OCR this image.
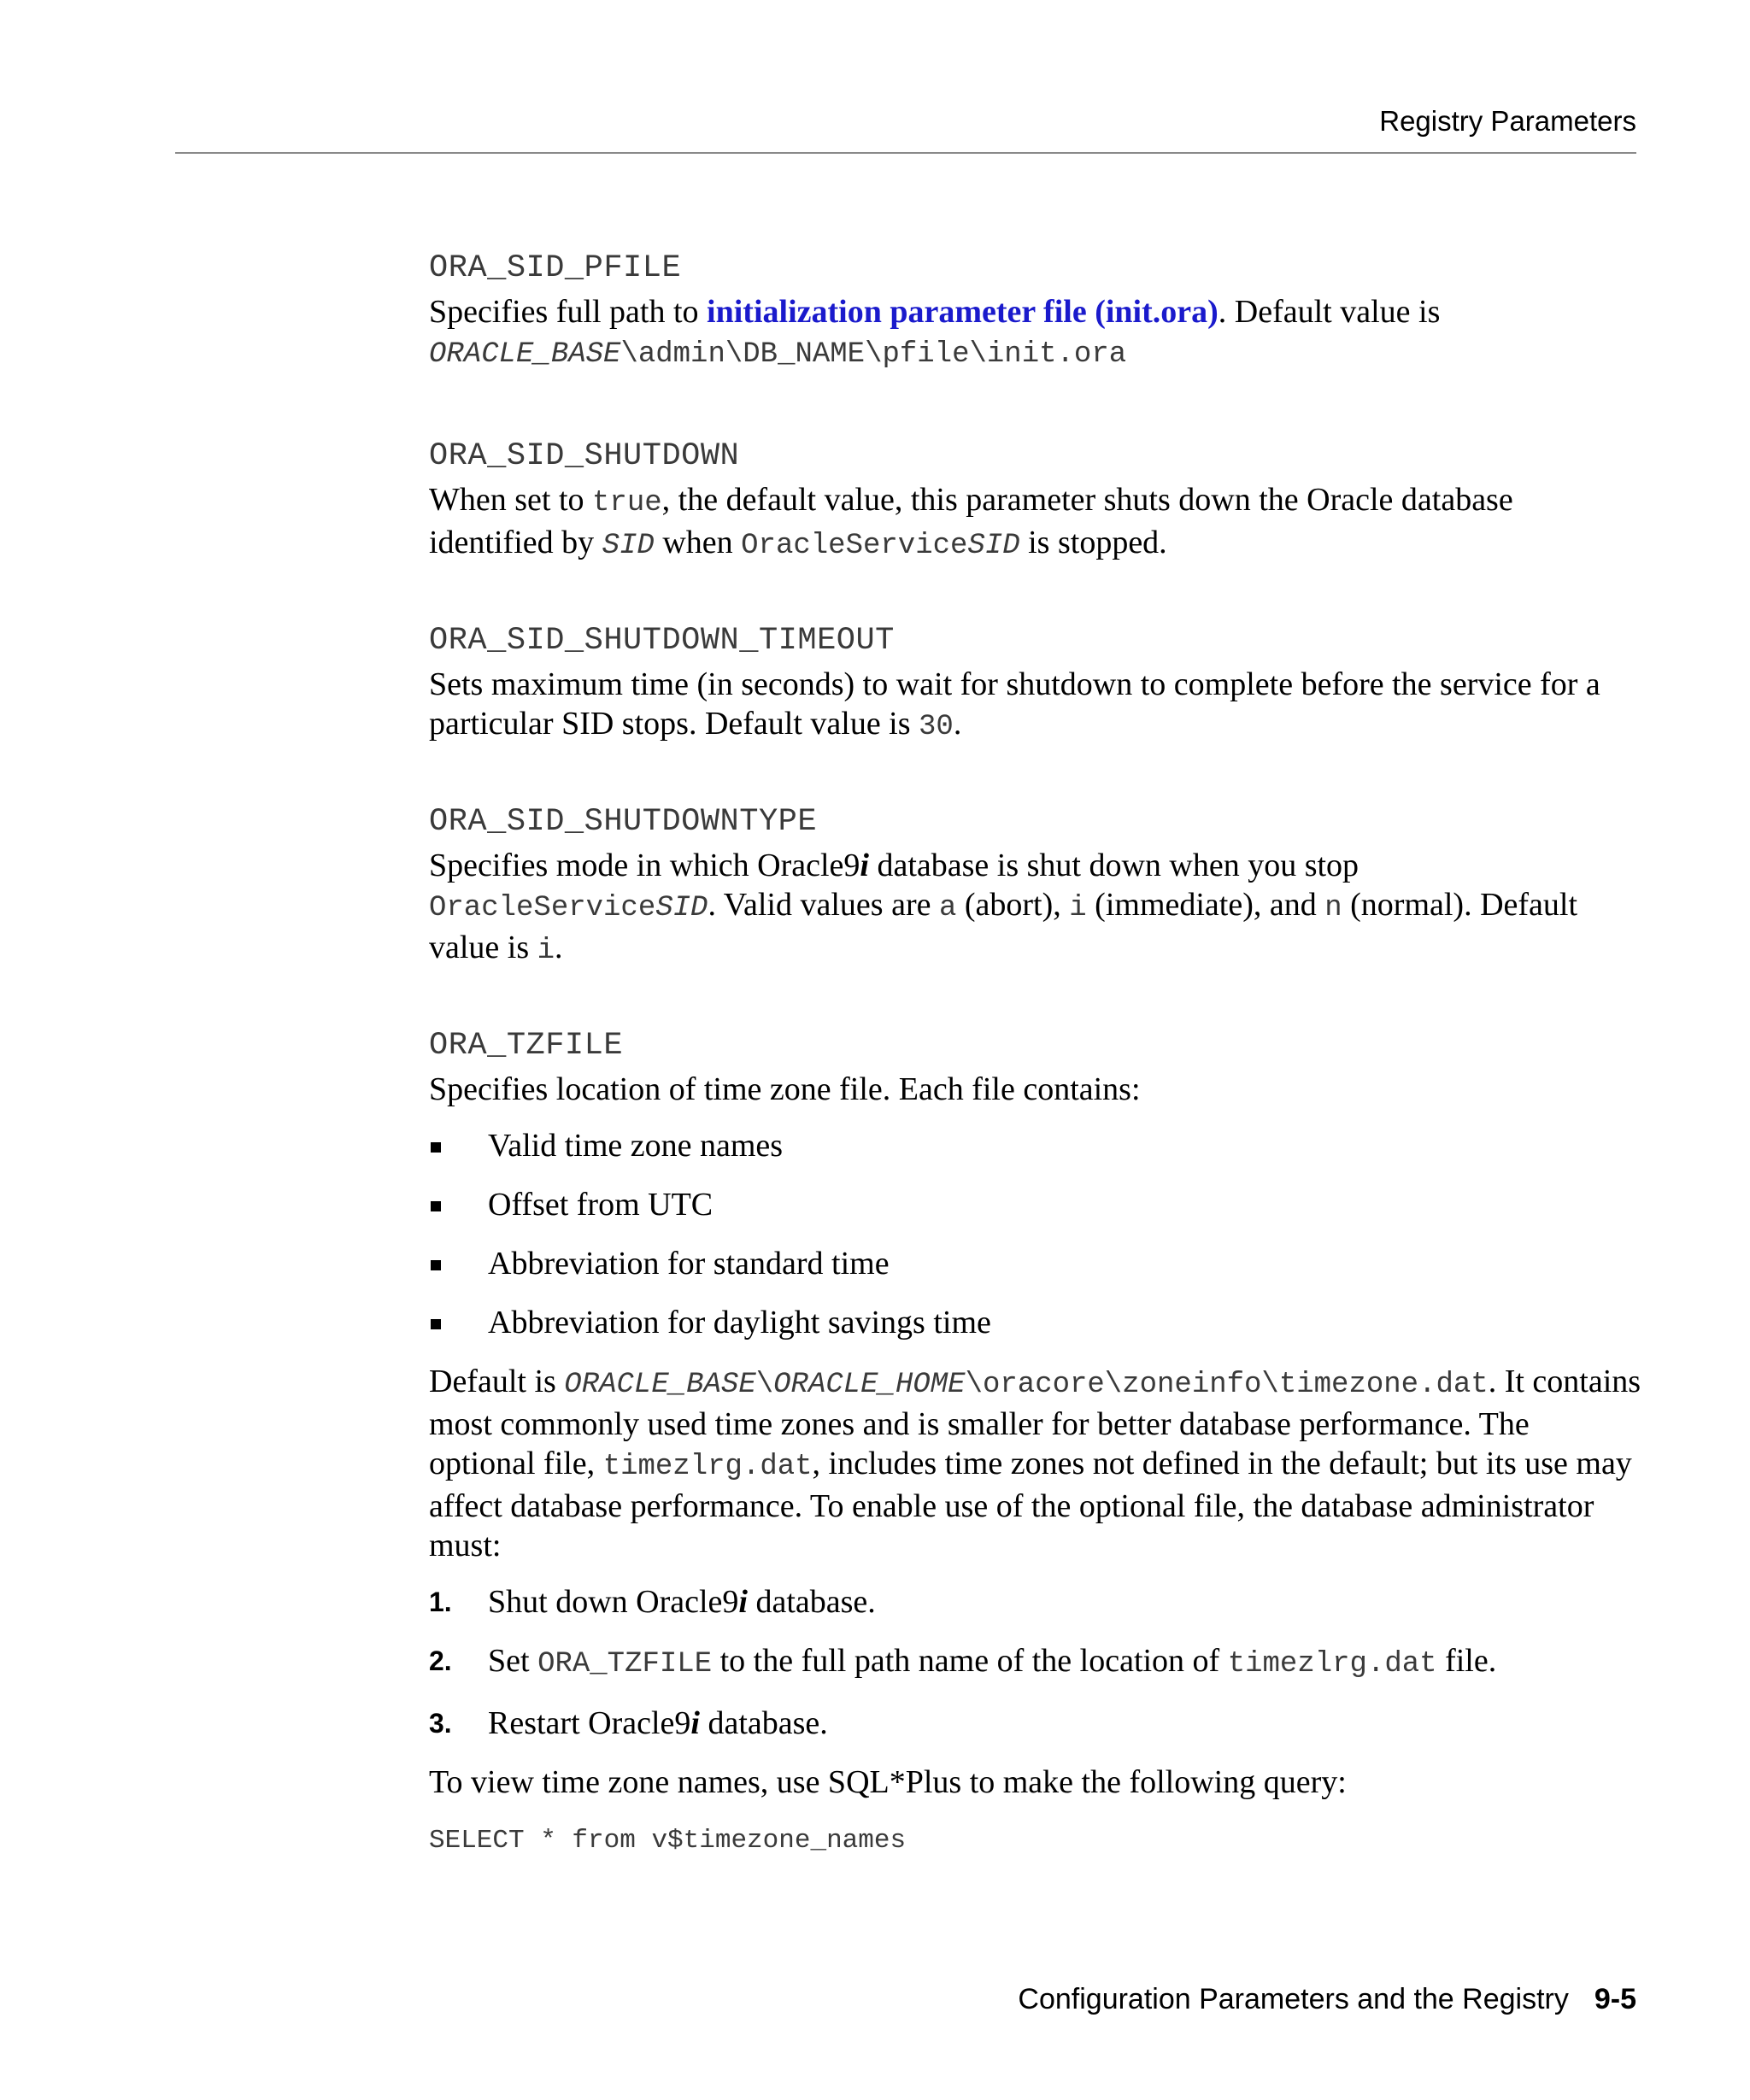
Registry Parameters
ORA_SID_PFILE
Specifies full path to initialization parameter file (init.ora). Default value is
ORACLE_BASE\admin\DB_NAME\pfile\init.ora
ORA_SID_SHUTDOWN
When set to true, the default value, this parameter shuts down the Oracle database identified by SID when OracleServiceSID is stopped.
ORA_SID_SHUTDOWN_TIMEOUT
Sets maximum time (in seconds) to wait for shutdown to complete before the service for a particular SID stops. Default value is 30.
ORA_SID_SHUTDOWNTYPE
Specifies mode in which Oracle9i database is shut down when you stop OracleServiceSID. Valid values are a (abort), i (immediate), and n (normal). Default value is i.
ORA_TZFILE
Specifies location of time zone file. Each file contains:
Valid time zone names
Offset from UTC
Abbreviation for standard time
Abbreviation for daylight savings time
Default is ORACLE_BASE\ORACLE_HOME\oracore\zoneinfo\timezone.dat. It contains most commonly used time zones and is smaller for better database performance. The optional file, timezlrg.dat, includes time zones not defined in the default; but its use may affect database performance. To enable use of the optional file, the database administrator must:
1. Shut down Oracle9i database.
2. Set ORA_TZFILE to the full path name of the location of timezlrg.dat file.
3. Restart Oracle9i database.
To view time zone names, use SQL*Plus to make the following query:
SELECT * from v$timezone_names
Configuration Parameters and the Registry 9-5
